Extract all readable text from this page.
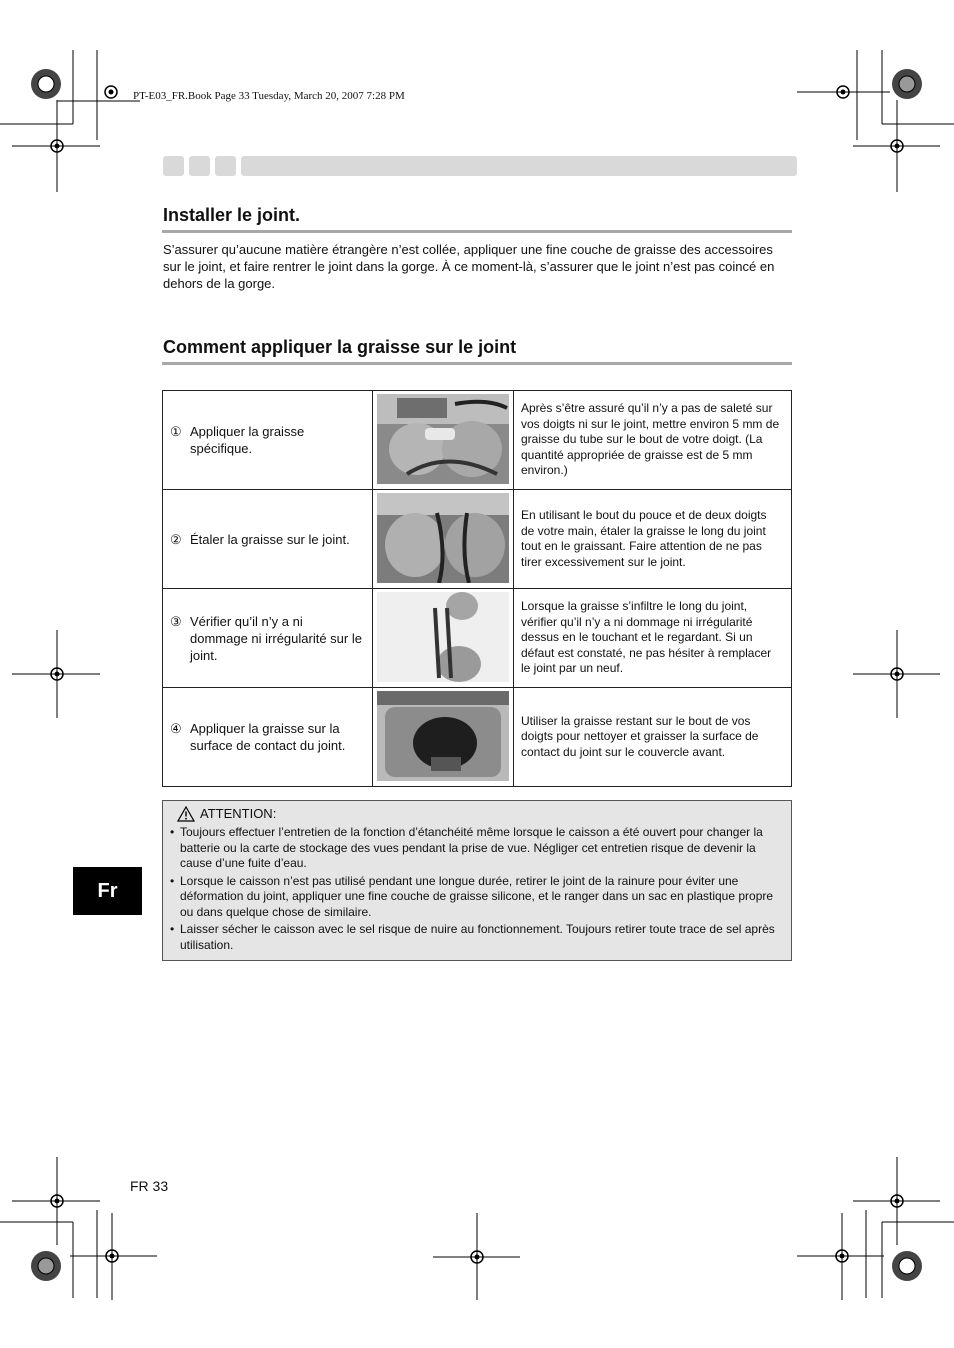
PT-E03_FR.Book Page 33 Tuesday, March 20, 2007 7:28 PM
Installer le joint.
S’assurer qu’aucune matière étrangère n’est collée, appliquer une fine couche de graisse des accessoires sur le joint, et faire rentrer le joint dans la gorge. À ce moment-là, s’assurer que le joint n’est pas coincé en dehors de la gorge.
Comment appliquer la graisse sur le joint
① Appliquer la graisse spécifique.		Après s’être assuré qu’il n’y a pas de saleté sur vos doigts ni sur le joint, mettre environ 5 mm de graisse du tube sur le bout de votre doigt. (La quantité appropriée de graisse est de 5 mm environ.)

② Étaler la graisse sur le joint.		En utilisant le bout du pouce et de deux doigts de votre main, étaler la graisse le long du joint tout en le graissant. Faire attention de ne pas tirer excessivement sur le joint.

③ Vérifier qu’il n’y a ni dommage ni irrégularité sur le joint.		Lorsque la graisse s’infiltre le long du joint, vérifier qu’il n’y a ni dommage ni irrégularité dessus en le touchant et le regardant. Si un défaut est constaté, ne pas hésiter à remplacer le joint par un neuf.

④ Appliquer la graisse sur la surface de contact du joint.		Utiliser la graisse restant sur le bout de vos doigts pour nettoyer et graisser la surface de contact du joint sur le couvercle avant.
ATTENTION:
• Toujours effectuer l’entretien de la fonction d’étanchéité même lorsque le caisson a été ouvert pour changer la batterie ou la carte de stockage des vues pendant la prise de vue. Négliger cet entretien risque de devenir la cause d’une fuite d’eau.
• Lorsque le caisson n’est pas utilisé pendant une longue durée, retirer le joint de la rainure pour éviter une déformation du joint, appliquer une fine couche de graisse silicone, et le ranger dans un sac en plastique propre ou dans quelque chose de similaire.
• Laisser sécher le caisson avec le sel risque de nuire au fonctionnement. Toujours retirer toute trace de sel après utilisation.
Fr
FR 33
